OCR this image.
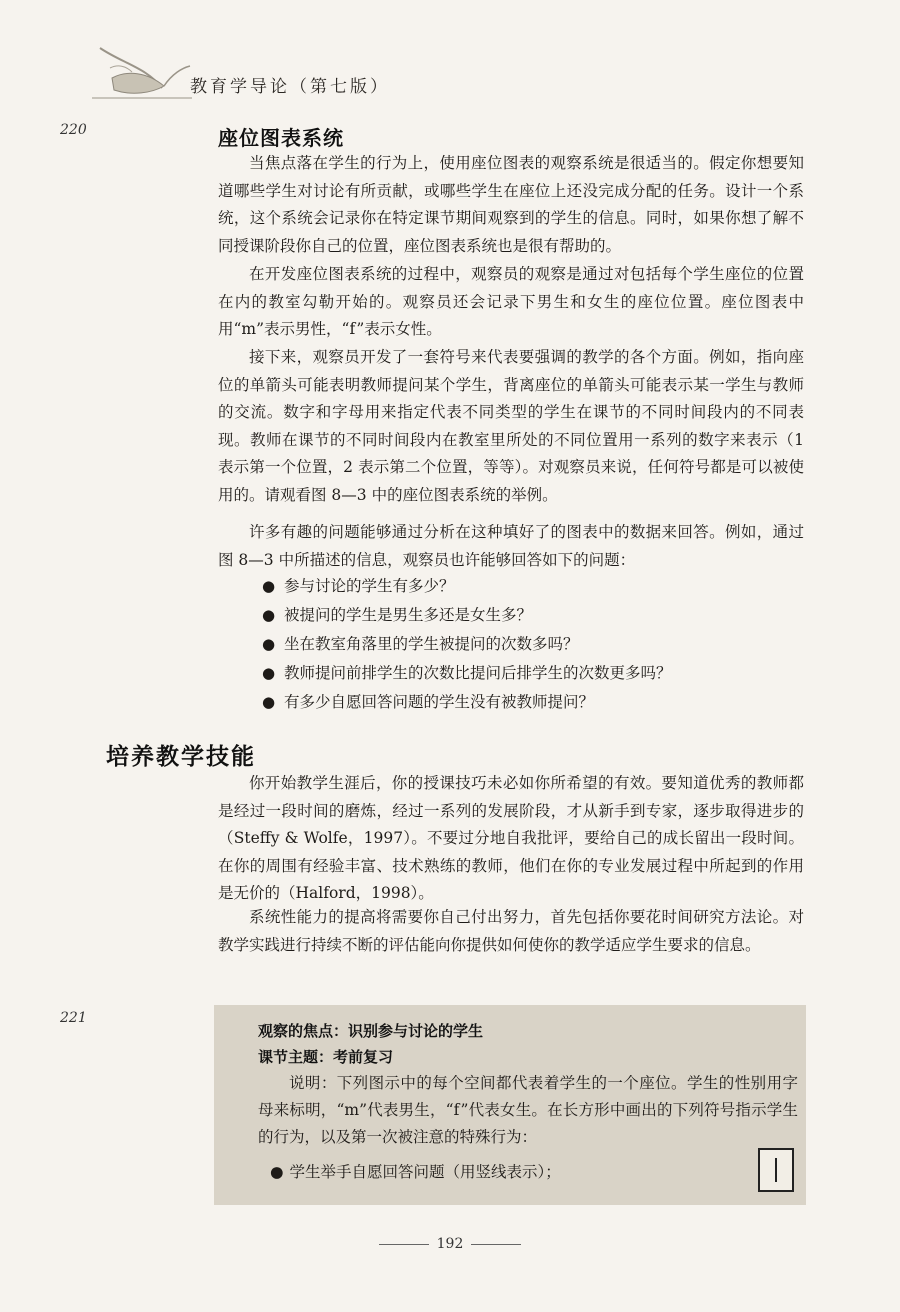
教育学导论（第七版）
220
221
座位图表系统

当焦点落在学生的行为上，使用座位图表的观察系统是很适当的。假定你想要知道哪些学生对讨论有所贡献，或哪些学生在座位上还没完成分配的任务。设计一个系统，这个系统会记录你在特定课节期间观察到的学生的信息。同时，如果你想了解不同授课阶段你自己的位置，座位图表系统也是很有帮助的。

在开发座位图表系统的过程中，观察员的观察是通过对包括每个学生座位的位置在内的教室勾勒开始的。观察员还会记录下男生和女生的座位位置。座位图表中用“m”表示男性，“f”表示女性。

接下来，观察员开发了一套符号来代表要强调的教学的各个方面。例如，指向座位的单箭头可能表明教师提问某个学生，背离座位的单箭头可能表示某一学生与教师的交流。数字和字母用来指定代表不同类型的学生在课节的不同时间段内的不同表现。教师在课节的不同时间段内在教室里所处的不同位置用一系列的数字来表示（1 表示第一个位置，2 表示第二个位置，等等）。对观察员来说，任何符号都是可以被使用的。请观看图 8—3 中的座位图表系统的举例。

许多有趣的问题能够通过分析在这种填好了的图表中的数据来回答。例如，通过图 8—3 中所描述的信息，观察员也许能够回答如下的问题：

● 参与讨论的学生有多少？
● 被提问的学生是男生多还是女生多？
● 坐在教室角落里的学生被提问的次数多吗？
● 教师提问前排学生的次数比提问后排学生的次数更多吗？
● 有多少自愿回答问题的学生没有被教师提问？
培养教学技能

你开始教学生涯后，你的授课技巧未必如你所希望的有效。要知道优秀的教师都是经过一段时间的磨炼，经过一系列的发展阶段，才从新手到专家，逐步取得进步的（Steffy & Wolfe，1997）。不要过分地自我批评，要给自己的成长留出一段时间。在你的周围有经验丰富、技术熟练的教师，他们在你的专业发展过程中所起到的作用是无价的（Halford，1998）。

系统性能力的提高将需要你自己付出努力，首先包括你要花时间研究方法论。对教学实践进行持续不断的评估能向你提供如何使你的教学适应学生要求的信息。

观察的焦点：识别参与讨论的学生
课节主题：考前复习

说明：下列图示中的每个空间都代表着学生的一个座位。学生的性别用字母来标明，“m”代表男生，“f”代表女生。在长方形中画出的下列符号指示学生的行为，以及第一次被注意的特殊行为：

● 学生举手自愿回答问题（用竖线表示）；
192
